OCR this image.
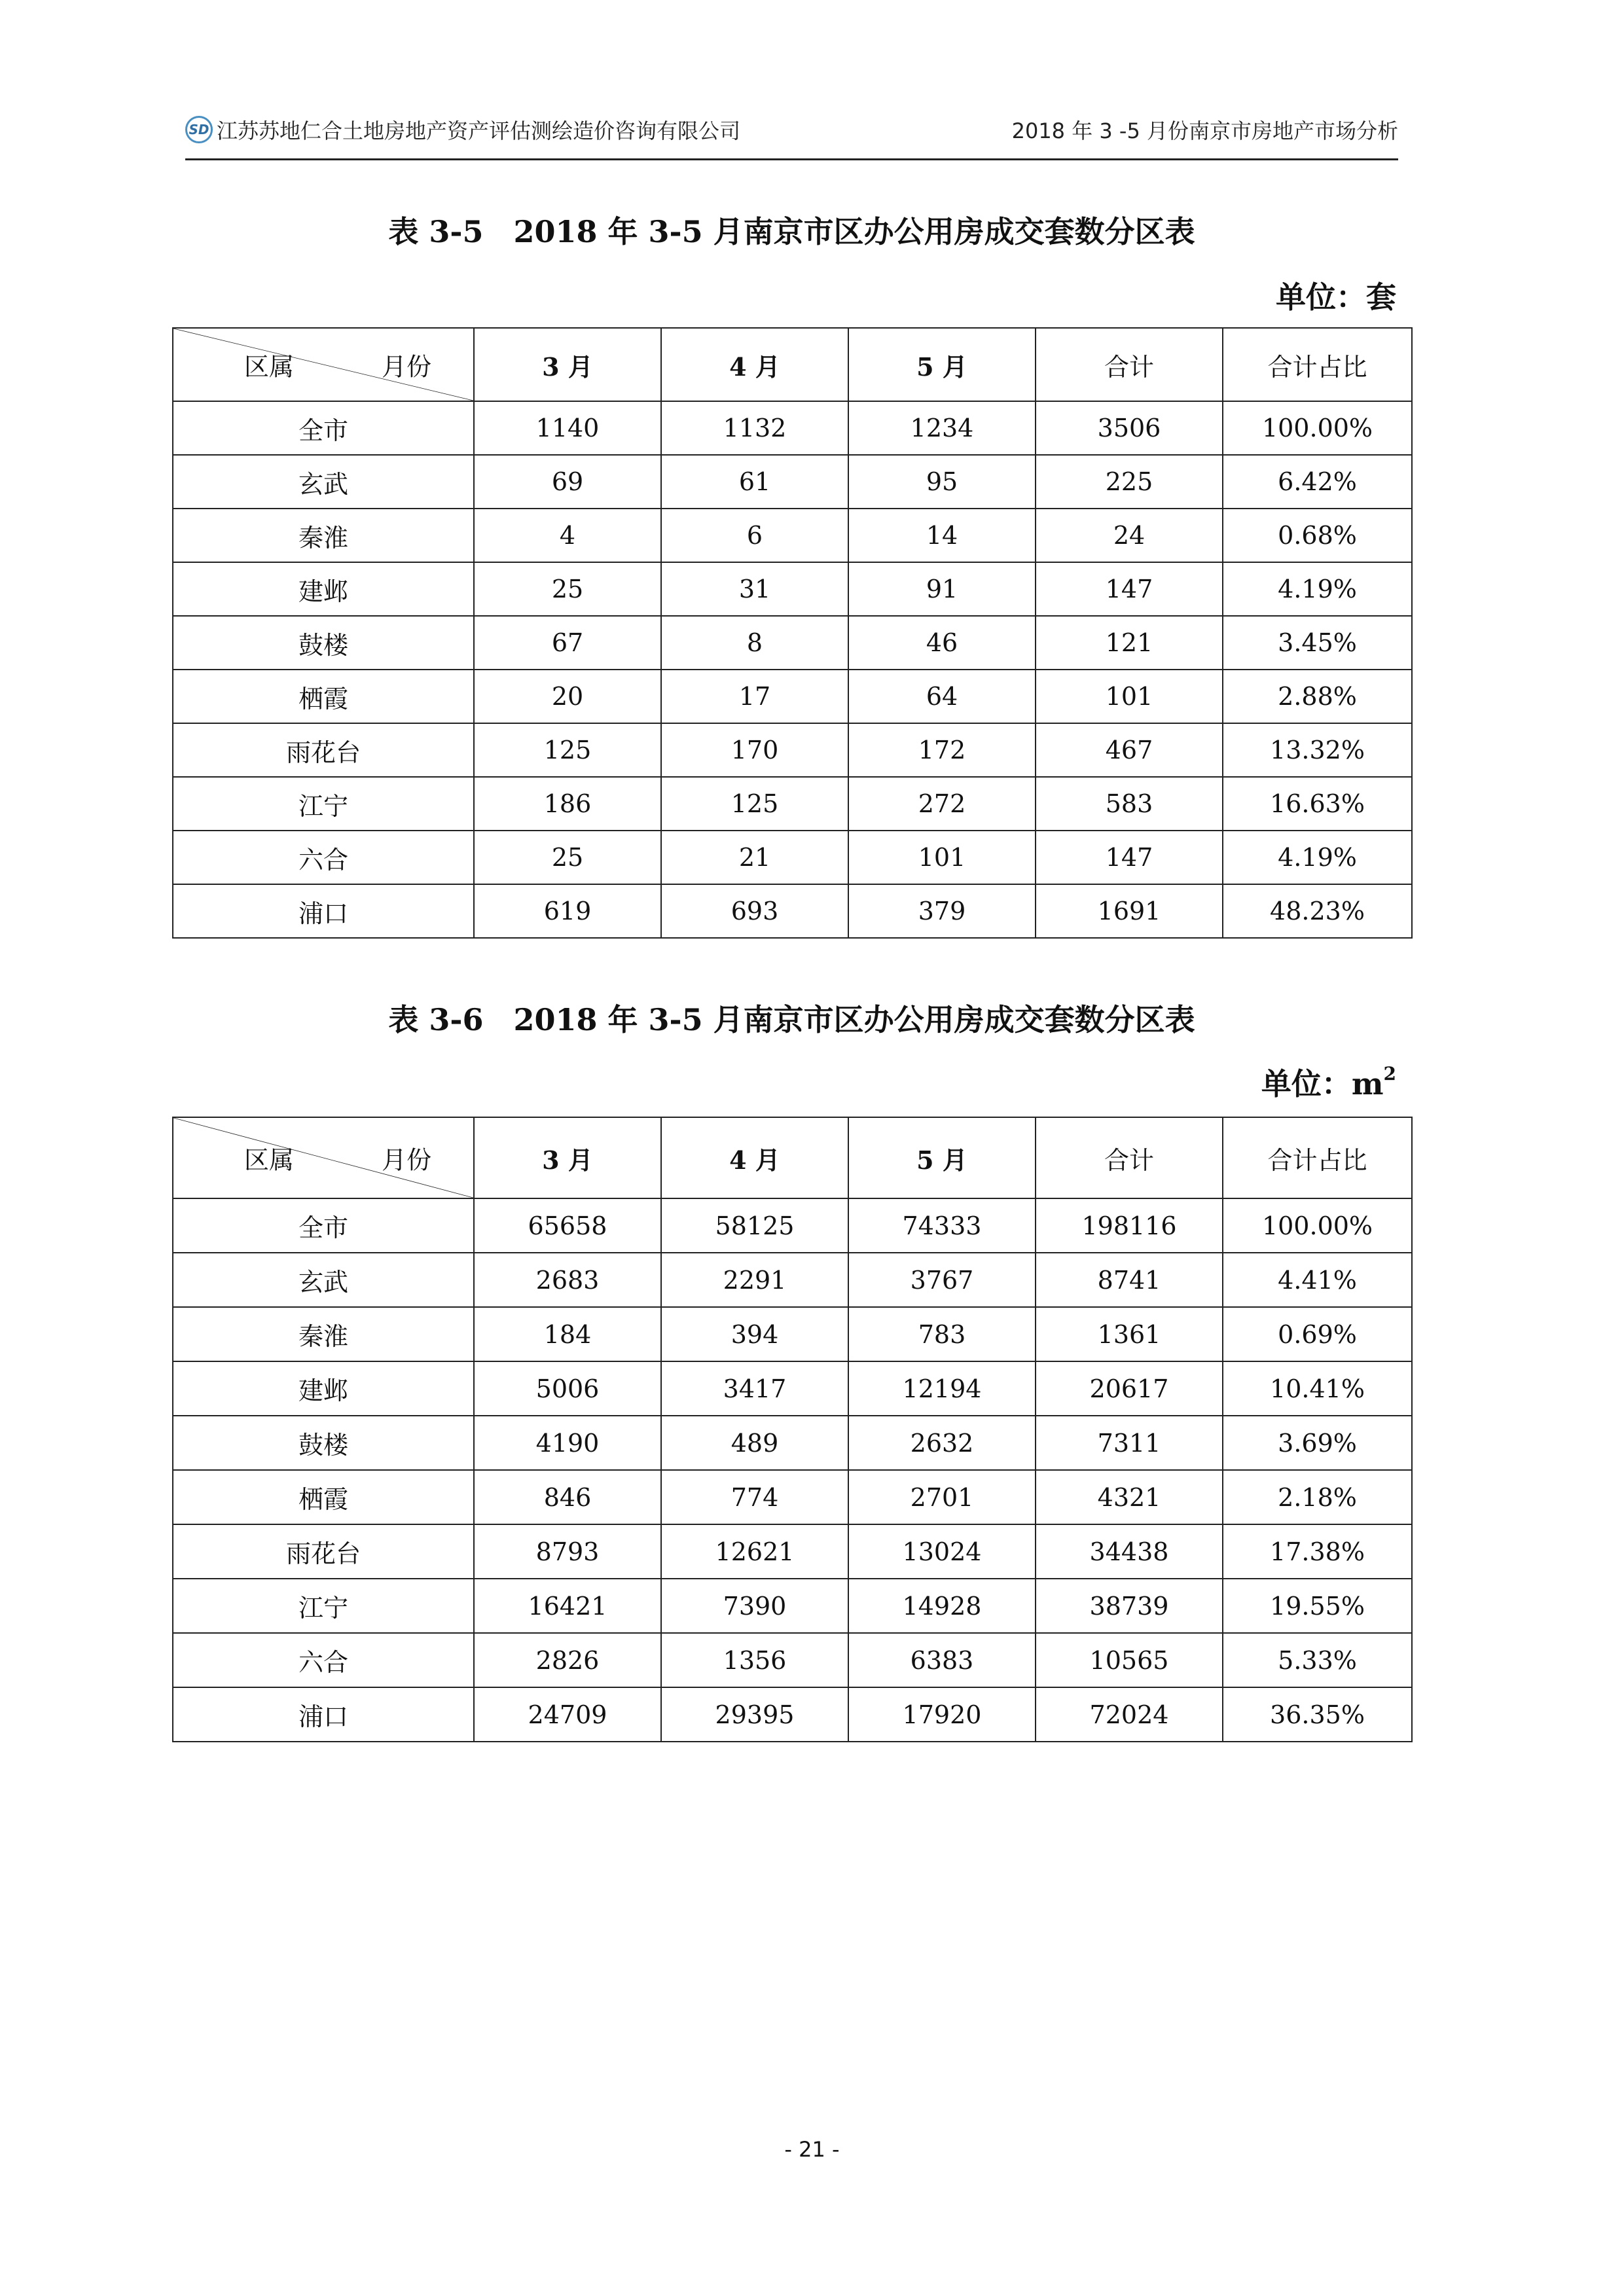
SD 江苏苏地仁合土地房地产资产评估测绘造价咨询有限公司	2018 年 3 -5 月份南京市房地产市场分析
表 3-5　2018 年 3-5 月南京市区办公用房成交套数分区表
单位：套
区属 月份	3 月	4 月	5 月	合计	合计占比
全市	1140	1132	1234	3506	100.00%
玄武	69	61	95	225	6.42%
秦淮	4	6	14	24	0.68%
建邺	25	31	91	147	4.19%
鼓楼	67	8	46	121	3.45%
栖霞	20	17	64	101	2.88%
雨花台	125	170	172	467	13.32%
江宁	186	125	272	583	16.63%
六合	25	21	101	147	4.19%
浦口	619	693	379	1691	48.23%
表 3-6　2018 年 3-5 月南京市区办公用房成交套数分区表
单位：$m^2$
区属 月份	3 月	4 月	5 月	合计	合计占比
全市	65658	58125	74333	198116	100.00%
玄武	2683	2291	3767	8741	4.41%
秦淮	184	394	783	1361	0.69%
建邺	5006	3417	12194	20617	10.41%
鼓楼	4190	489	2632	7311	3.69%
栖霞	846	774	2701	4321	2.18%
雨花台	8793	12621	13024	34438	17.38%
江宁	16421	7390	14928	38739	19.55%
六合	2826	1356	6383	10565	5.33%
浦口	24709	29395	17920	72024	36.35%
- 21 -
